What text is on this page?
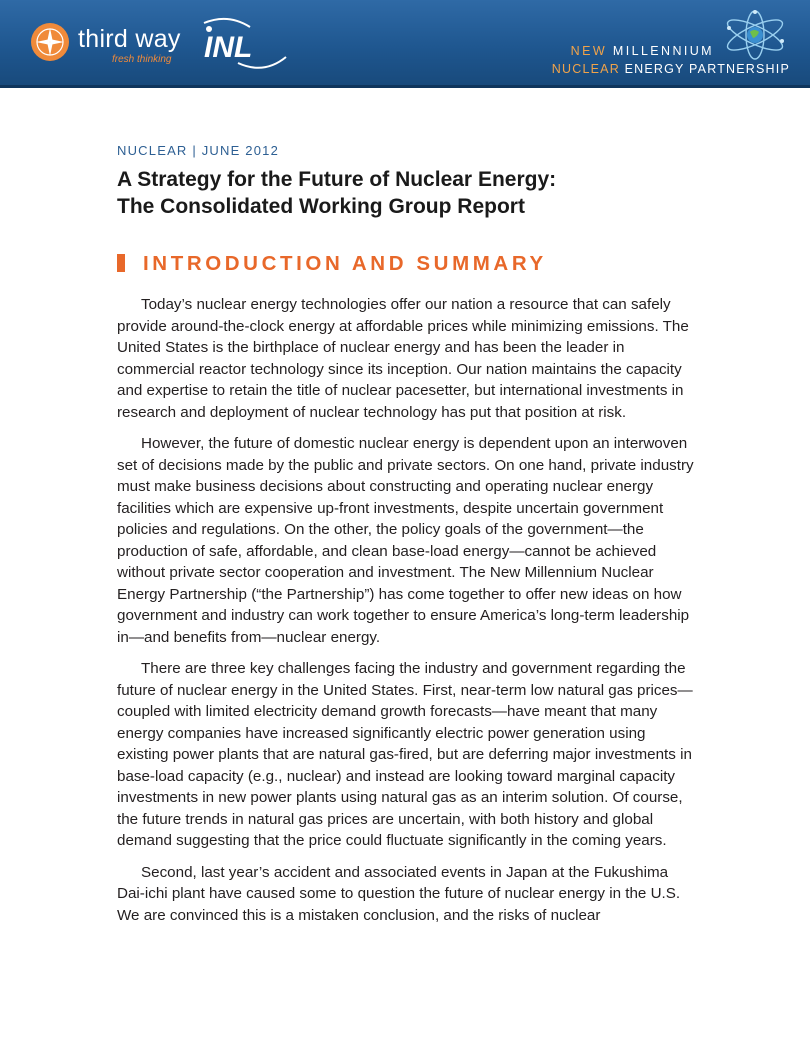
third way
fresh thinking INL	NEW MILLENNIUM
NUCLEAR ENERGY PARTNERSHIP
NUCLEAR | JUNE 2012
A Strategy for the Future of Nuclear Energy:
The Consolidated Working Group Report
INTRODUCTION AND SUMMARY

Today’s nuclear energy technologies offer our nation a resource that can safely provide around-the-clock energy at affordable prices while minimizing emissions. The United States is the birthplace of nuclear energy and has been the leader in commercial reactor technology since its inception. Our nation maintains the capacity and expertise to retain the title of nuclear pacesetter, but international investments in research and deployment of nuclear technology has put that position at risk.

However, the future of domestic nuclear energy is dependent upon an interwoven set of decisions made by the public and private sectors. On one hand, private industry must make business decisions about constructing and operating nuclear energy facilities which are expensive up-front investments, despite uncertain government policies and regulations. On the other, the policy goals of the government—the production of safe, affordable, and clean base-load energy—cannot be achieved without private sector cooperation and investment. The New Millennium Nuclear Energy Partnership (“the Partnership”) has come together to offer new ideas on how government and industry can work together to ensure America’s long-term leadership in—and benefits from—nuclear energy.

There are three key challenges facing the industry and government regarding the future of nuclear energy in the United States. First, near-term low natural gas prices—coupled with limited electricity demand growth forecasts—have meant that many energy companies have increased significantly electric power generation using existing power plants that are natural gas-fired, but are deferring major investments in base-load capacity (e.g., nuclear) and instead are looking toward marginal capacity investments in new power plants using natural gas as an interim solution. Of course, the future trends in natural gas prices are uncertain, with both history and global demand suggesting that the price could fluctuate significantly in the coming years.

Second, last year’s accident and associated events in Japan at the Fukushima Dai-ichi plant have caused some to question the future of nuclear energy in the U.S. We are convinced this is a mistaken conclusion, and the risks of nuclear
